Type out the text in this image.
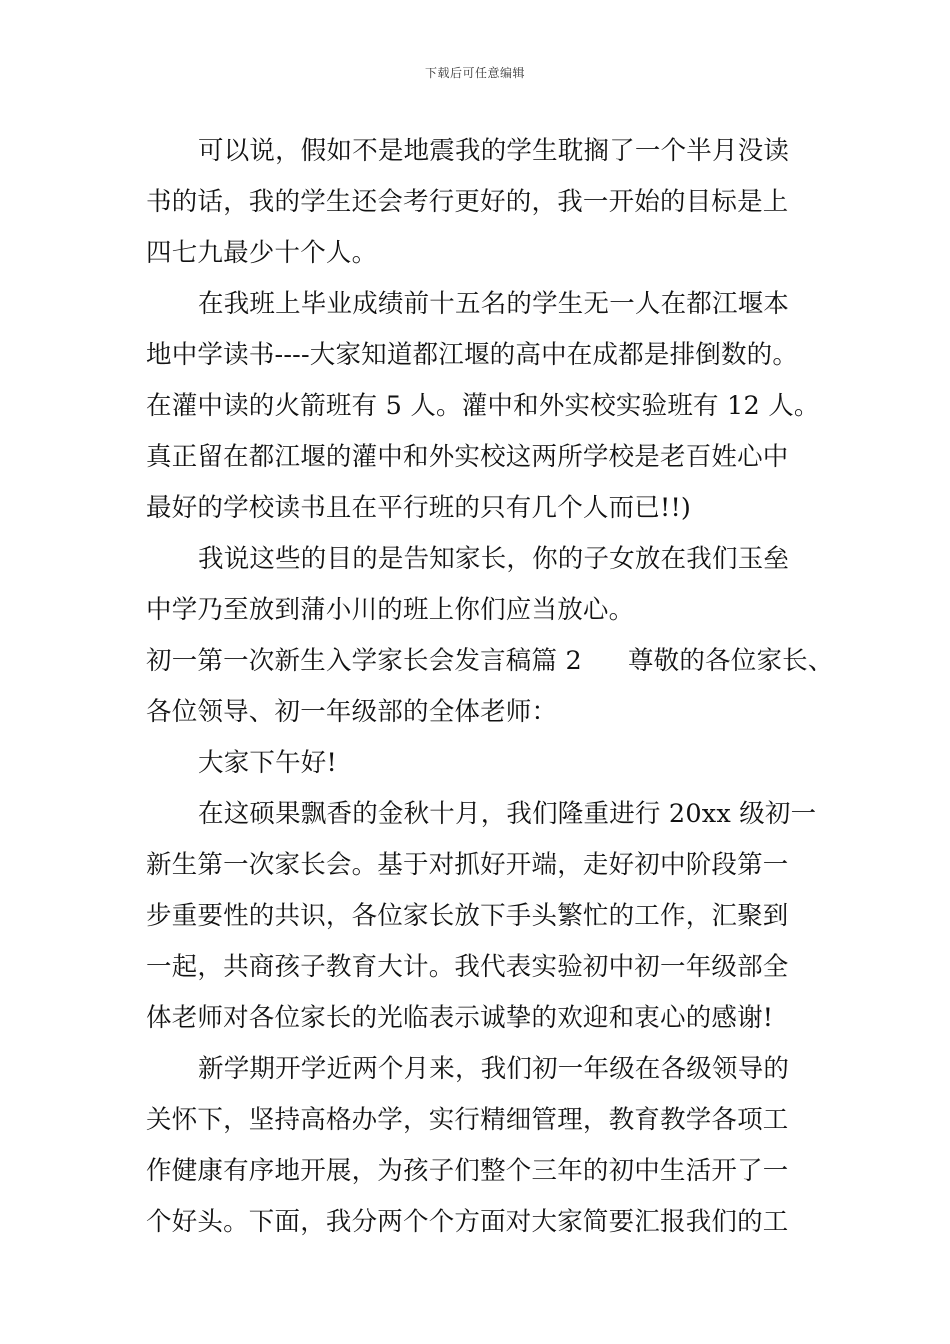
下载后可任意编辑
可以说，假如不是地震我的学生耽搁了一个半月没读
书的话，我的学生还会考行更好的，我一开始的目标是上
四七九最少十个人。
在我班上毕业成绩前十五名的学生无一人在都江堰本
地中学读书----大家知道都江堰的高中在成都是排倒数的。
在灌中读的火箭班有 5 人。灌中和外实校实验班有 12 人。
真正留在都江堰的灌中和外实校这两所学校是老百姓心中
最好的学校读书且在平行班的只有几个人而已!!)
我说这些的目的是告知家长，你的子女放在我们玉垒
中学乃至放到蒲小川的班上你们应当放心。
初一第一次新生入学家长会发言稿篇 2 尊敬的各位家长、
各位领导、初一年级部的全体老师：
大家下午好!
在这硕果飘香的金秋十月，我们隆重进行 20xx 级初一
新生第一次家长会。基于对抓好开端，走好初中阶段第一
步重要性的共识，各位家长放下手头繁忙的工作，汇聚到
一起，共商孩子教育大计。我代表实验初中初一年级部全
体老师对各位家长的光临表示诚挚的欢迎和衷心的感谢!
新学期开学近两个月来，我们初一年级在各级领导的
关怀下，坚持高格办学，实行精细管理，教育教学各项工
作健康有序地开展，为孩子们整个三年的初中生活开了一
个好头。下面，我分两个个方面对大家简要汇报我们的工
